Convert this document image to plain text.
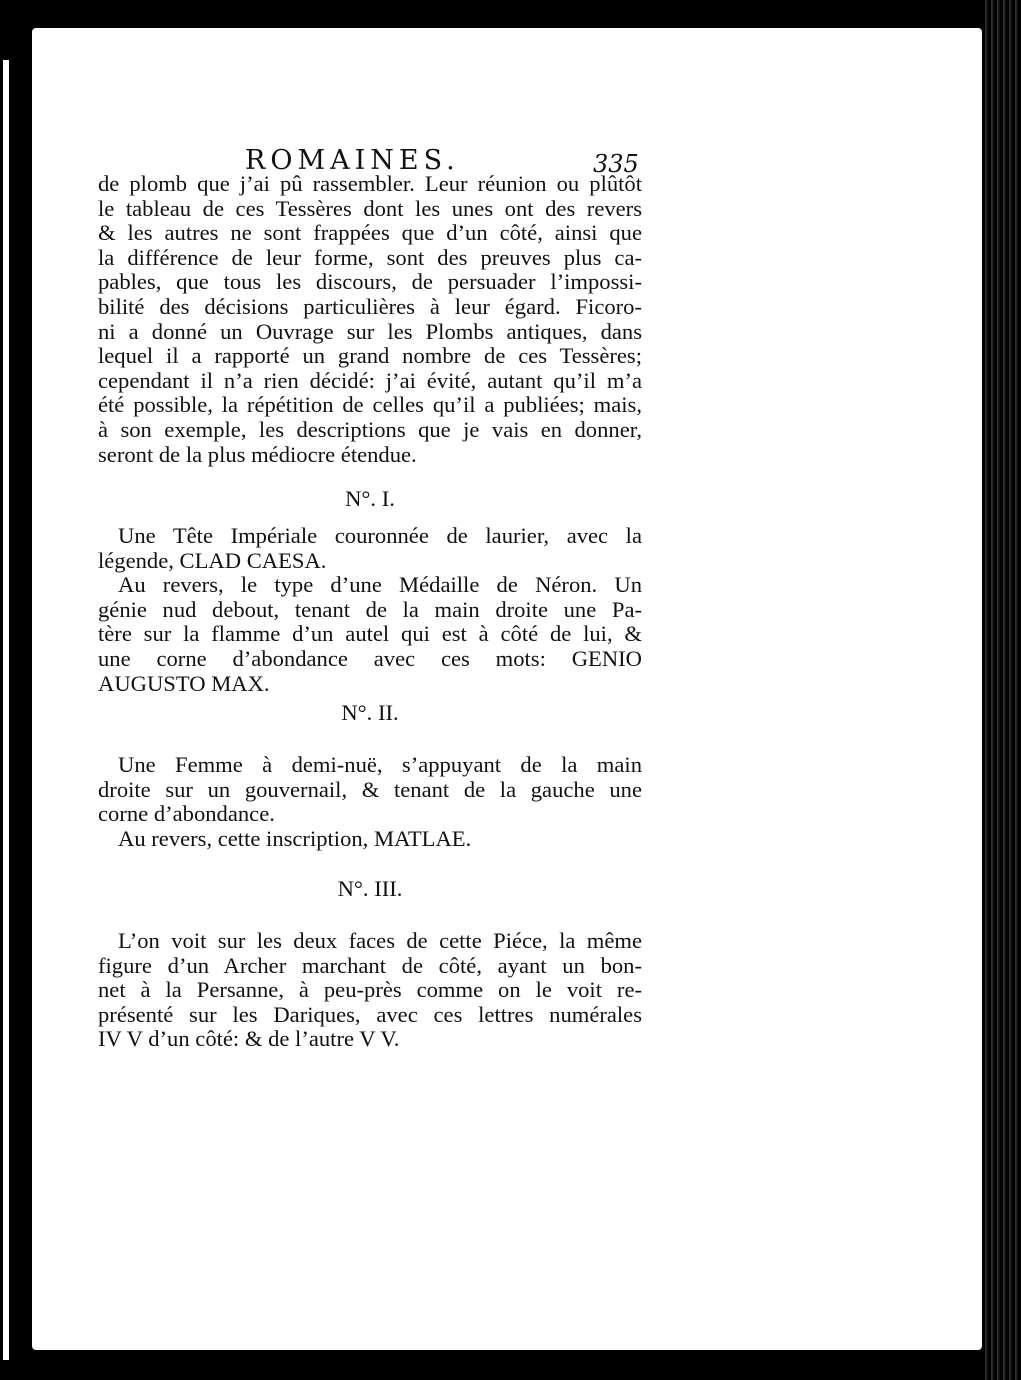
ROMAINES.	335

de plomb que j’ai pû rassembler. Leur réunion ou plûtôt
le tableau de ces Tessères dont les unes ont des revers
& les autres ne sont frappées que d’un côté, ainsi que
la différence de leur forme, sont des preuves plus ca-
pables, que tous les discours, de persuader l’impossi-
bilité des décisions particulières à leur égard. Ficoro-
ni a donné un Ouvrage sur les Plombs antiques, dans
lequel il a rapporté un grand nombre de ces Tessères;
cependant il n’a rien décidé: j’ai évité, autant qu’il m’a
été possible, la répétition de celles qu’il a publiées; mais,
à son exemple, les descriptions que je vais en donner,
seront de la plus médiocre étendue.

N°. I.

Une Tête Impériale couronnée de laurier, avec la
légende, CLAD CAESA.
Au revers, le type d’une Médaille de Néron. Un
génie nud debout, tenant de la main droite une Pa-
tère sur la flamme d’un autel qui est à côté de lui, &
une corne d’abondance avec ces mots: GENIO
AUGUSTO MAX.

N°. II.

Une Femme à demi-nuë, s’appuyant de la main
droite sur un gouvernail, & tenant de la gauche une
corne d’abondance.
Au revers, cette inscription, MATLAE.

N°. III.

L’on voit sur les deux faces de cette Piéce, la même
figure d’un Archer marchant de côté, ayant un bon-
net à la Persanne, à peu-près comme on le voit re-
présenté sur les Dariques, avec ces lettres numérales
IV V d’un côté: & de l’autre V V.
